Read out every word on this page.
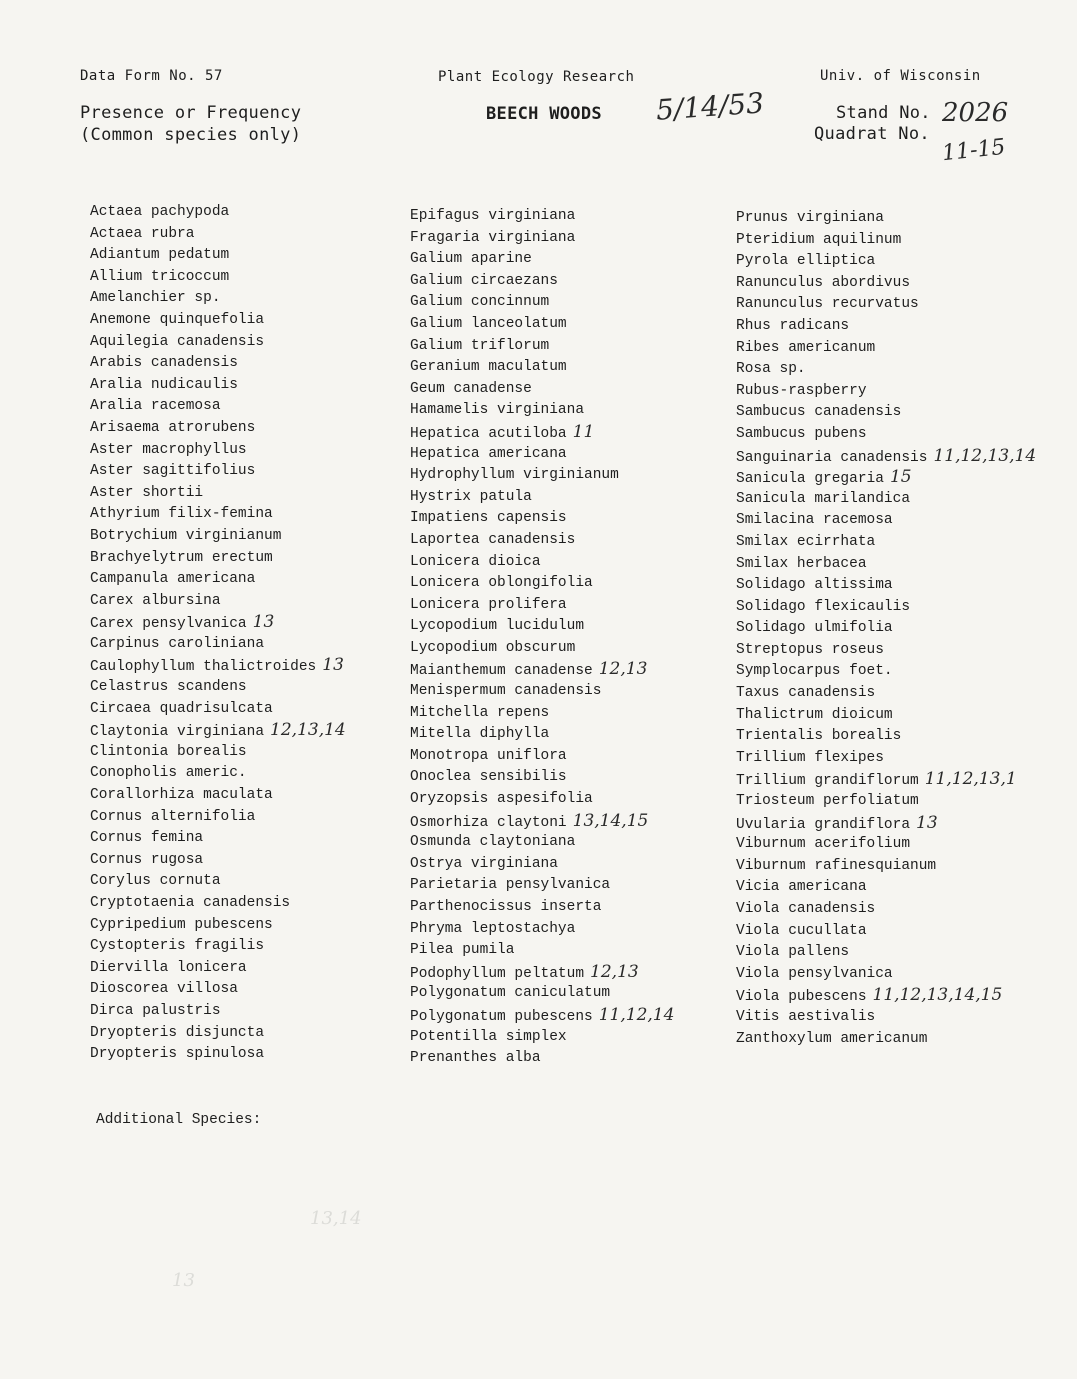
Data Form No. 57	Plant Ecology Research	Univ. of Wisconsin
Presence or Frequency
(Common species only)
BEECH WOODS 5/14/53	Stand No. 2026
Quadrat No.
11-15
Actaea pachypoda
Actaea rubra
Adiantum pedatum
Allium tricoccum
Amelanchier sp.
Anemone quinquefolia
Aquilegia canadensis
Arabis canadensis
Aralia nudicaulis
Aralia racemosa
Arisaema atrorubens
Aster macrophyllus
Aster sagittifolius
Aster shortii
Athyrium filix-femina
Botrychium virginianum
Brachyelytrum erectum
Campanula americana
Carex albursina
Carex pensylvanica 13
Carpinus caroliniana
Caulophyllum thalictroides 13
Celastrus scandens
Circaea quadrisulcata
Claytonia virginiana 12,13,14
Clintonia borealis
Conopholis americ.
Corallorhiza maculata
Cornus alternifolia
Cornus femina
Cornus rugosa
Corylus cornuta
Cryptotaenia canadensis
Cypripedium pubescens
Cystopteris fragilis
Diervilla lonicera
Dioscorea villosa
Dirca palustris
Dryopteris disjuncta
Dryopteris spinulosa
Epifagus virginiana
Fragaria virginiana
Galium aparine
Galium circaezans
Galium concinnum
Galium lanceolatum
Galium triflorum
Geranium maculatum
Geum canadense
Hamamelis virginiana
Hepatica acutiloba 11
Hepatica americana
Hydrophyllum virginianum
Hystrix patula
Impatiens capensis
Laportea canadensis
Lonicera dioica
Lonicera oblongifolia
Lonicera prolifera
Lycopodium lucidulum
Lycopodium obscurum
Maianthemum canadense 12,13
Menispermum canadensis
Mitchella repens
Mitella diphylla
Monotropa uniflora
Onoclea sensibilis
Oryzopsis aspesifolia
Osmorhiza claytoni 13,14,15
Osmunda claytoniana
Ostrya virginiana
Parietaria pensylvanica
Parthenocissus inserta
Phryma leptostachya
Pilea pumila
Podophyllum peltatum 12,13
Polygonatum caniculatum
Polygonatum pubescens 11,12,14
Potentilla simplex
Prenanthes alba
Prunus virginiana
Pteridium aquilinum
Pyrola elliptica
Ranunculus abordivus
Ranunculus recurvatus
Rhus radicans
Ribes americanum
Rosa sp.
Rubus-raspberry
Sambucus canadensis
Sambucus pubens
Sanguinaria canadensis 11,12,13,14
Sanicula gregaria 15
Sanicula marilandica
Smilacina racemosa
Smilax ecirrhata
Smilax herbacea
Solidago altissima
Solidago flexicaulis
Solidago ulmifolia
Streptopus roseus
Symplocarpus foet.
Taxus canadensis
Thalictrum dioicum
Trientalis borealis
Trillium flexipes
Trillium grandiflorum 11,12,13,1
Triosteum perfoliatum
Uvularia grandiflora 13
Viburnum acerifolium
Viburnum rafinesquianum
Vicia americana
Viola canadensis
Viola cucullata
Viola pallens
Viola pensylvanica
Viola pubescens 11,12,13,14,15
Vitis aestivalis
Zanthoxylum americanum
Additional Species:
13,14
13
